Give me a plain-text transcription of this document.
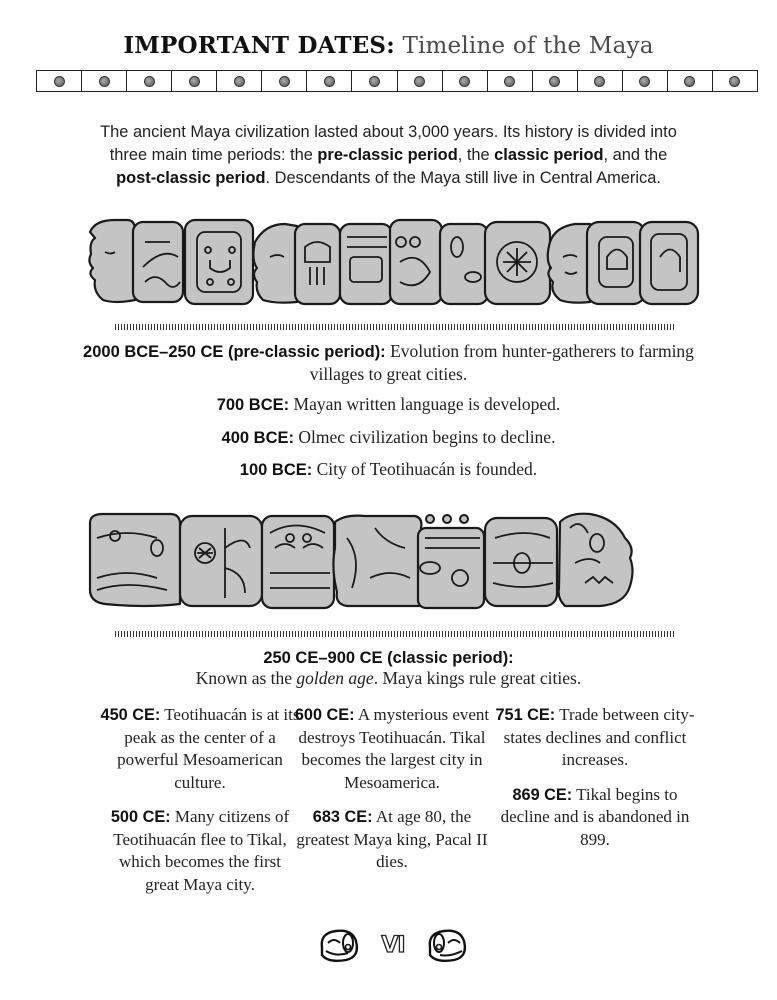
IMPORTANT DATES: Timeline of the Maya
The ancient Maya civilization lasted about 3,000 years. Its history is divided into three main time periods: the pre-classic period, the classic period, and the post-classic period. Descendants of the Maya still live in Central America.
2000 BCE–250 CE (pre-classic period): Evolution from hunter-gatherers to farming villages to great cities.
700 BCE: Mayan written language is developed.
400 BCE: Olmec civilization begins to decline.
100 BCE: City of Teotihuacán is founded.
250 CE–900 CE (classic period):
Known as the golden age. Maya kings rule great cities.

450 CE: Teotihuacán is at its peak as the center of a powerful Mesoamerican culture.

500 CE: Many citizens of Teotihuacán flee to Tikal, which becomes the first great Maya city.

600 CE: A mysterious event destroys Teotihuacán. Tikal becomes the largest city in Mesoamerica.

683 CE: At age 80, the greatest Maya king, Pacal II dies.

751 CE: Trade between city-states declines and conflict increases.

869 CE: Tikal begins to decline and is abandoned in 899.

VI
